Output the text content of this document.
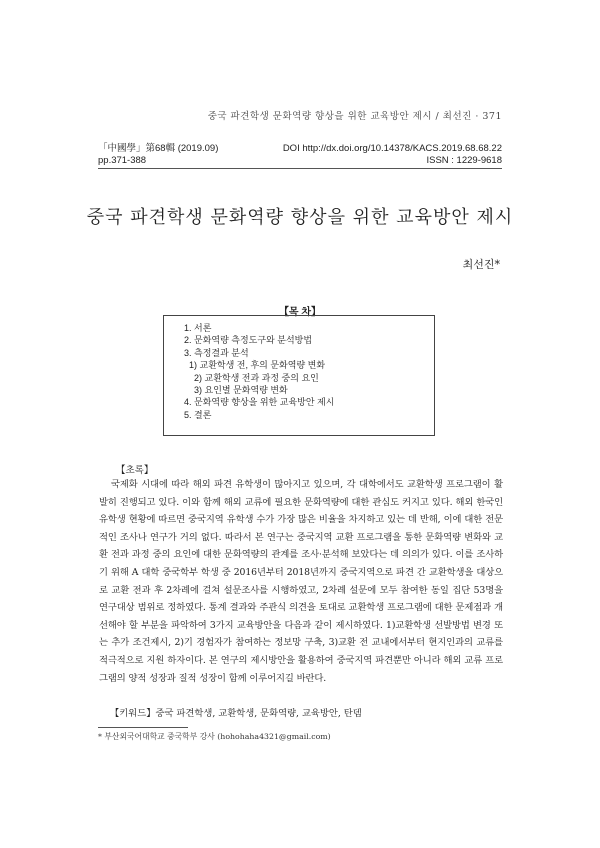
중국 파견학생 문화역량 향상을 위한 교육방안 제시 / 최선진 · 371
「中國學」第68輯 (2019.09)	DOI http://dx.doi.org/10.14378/KACS.2019.68.68.22
pp.371-388	ISSN : 1229-9618
중국 파견학생 문화역량 향상을 위한 교육방안 제시
최선진*
【목 차】
1. 서론
2. 문화역량 측정도구와 분석방법
3. 측정결과 분석
1) 교환학생 전, 후의 문화역량 변화
2) 교환학생 전과 과정 중의 요인
3) 요인별 문화역량 변화
4. 문화역량 향상을 위한 교육방안 제시
5. 결론
【초록】

국제화 시대에 따라 해외 파견 유학생이 많아지고 있으며, 각 대학에서도 교환학생 프로그램이 활발히 진행되고 있다. 이와 함께 해외 교류에 필요한 문화역량에 대한 관심도 커지고 있다. 해외 한국인 유학생 현황에 따르면 중국지역 유학생 수가 가장 많은 비율을 차지하고 있는 데 반해, 이에 대한 전문적인 조사나 연구가 거의 없다. 따라서 본 연구는 중국지역 교환 프로그램을 통한 문화역량 변화와 교환 전과 과정 중의 요인에 대한 문화역량의 관계를 조사·분석해 보았다는 데 의의가 있다. 이를 조사하기 위해 A 대학 중국학부 학생 중 2016년부터 2018년까지 중국지역으로 파견 간 교환학생을 대상으로 교환 전과 후 2차례에 걸쳐 설문조사를 시행하였고, 2차례 설문에 모두 참여한 동일 집단 53명을 연구대상 범위로 정하였다. 통계 결과와 주관식 의견을 토대로 교환학생 프로그램에 대한 문제점과 개선해야 할 부분을 파악하여 3가지 교육방안을 다음과 같이 제시하였다. 1)교환학생 선발방법 변경 또는 추가 조건제시, 2)기 경험자가 참여하는 정보망 구축, 3)교환 전 교내에서부터 현지인과의 교류를 적극적으로 지원 하자이다. 본 연구의 제시방안을 활용하여 중국지역 파견뿐만 아니라 해외 교류 프로그램의 양적 성장과 질적 성장이 함께 이루어지길 바란다.

【키워드】중국 파견학생, 교환학생, 문화역량, 교육방안, 탄뎀
* 부산외국어대학교 중국학부 강사 (hohohaha4321@gmail.com)
